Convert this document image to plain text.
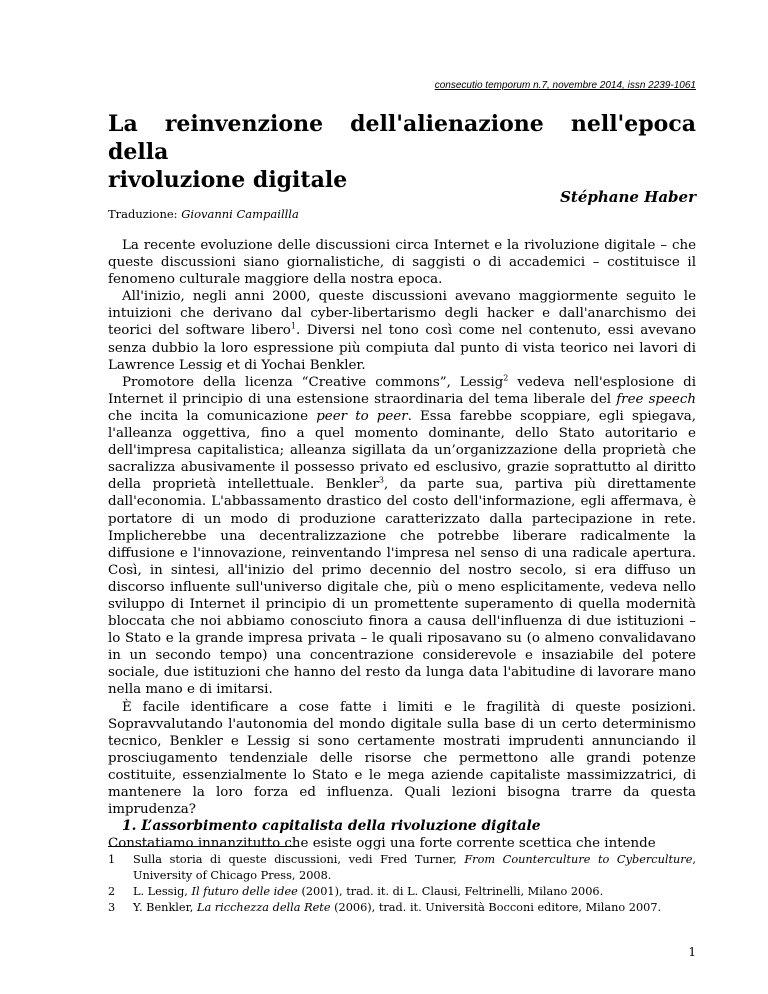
consecutio temporum n.7, novembre 2014, issn 2239-1061
La reinvenzione dell'alienazione nell'epoca della
rivoluzione digitale
Stéphane Haber
Traduzione: Giovanni Campaillla

La recente evoluzione delle discussioni circa Internet e la rivoluzione digitale – che queste discussioni siano giornalistiche, di saggisti o di accademici – costituisce il fenomeno culturale maggiore della nostra epoca.

All'inizio, negli anni 2000, queste discussioni avevano maggiormente seguito le intuizioni che derivano dal cyber-libertarismo degli hacker e dall'anarchismo dei teorici del software libero$^1$. Diversi nel tono così come nel contenuto, essi avevano senza dubbio la loro espressione più compiuta dal punto di vista teorico nei lavori di Lawrence Lessig et di Yochai Benkler.

Promotore della licenza “Creative commons”, Lessig$^2$ vedeva nell'esplosione di Internet il principio di una estensione straordinaria del tema liberale del free speech che incita la comunicazione peer to peer. Essa farebbe scoppiare, egli spiegava, l'alleanza oggettiva, fino a quel momento dominante, dello Stato autoritario e dell'impresa capitalistica; alleanza sigillata da un’organizzazione della proprietà che sacralizza abusivamente il possesso privato ed esclusivo, grazie soprattutto al diritto della proprietà intellettuale. Benkler$^3$, da parte sua, partiva più direttamente dall'economia. L'abbassamento drastico del costo dell'informazione, egli affermava, è portatore di un modo di produzione caratterizzato dalla partecipazione in rete. Implicherebbe una decentralizzazione che potrebbe liberare radicalmente la diffusione e l'innovazione, reinventando l'impresa nel senso di una radicale apertura. Così, in sintesi, all'inizio del primo decennio del nostro secolo, si era diffuso un discorso influente sull'universo digitale che, più o meno esplicitamente, vedeva nello sviluppo di Internet il principio di un promettente superamento di quella modernità bloccata che noi abbiamo conosciuto finora a causa dell'influenza di due istituzioni – lo Stato e la grande impresa privata – le quali riposavano su (o almeno convalidavano in un secondo tempo) una concentrazione considerevole e insaziabile del potere sociale, due istituzioni che hanno del resto da lunga data l'abitudine di lavorare mano nella mano e di imitarsi.

È facile identificare a cose fatte i limiti e le fragilità di queste posizioni. Sopravvalutando l'autonomia del mondo digitale sulla base di un certo determinismo tecnico, Benkler e Lessig si sono certamente mostrati imprudenti annunciando il prosciugamento tendenziale delle risorse che permettono alle grandi potenze costituite, essenzialmente lo Stato e le mega aziende capitaliste massimizzatrici, di mantenere la loro forza ed influenza. Quali lezioni bisogna trarre da questa imprudenza?

1. L’assorbimento capitalista della rivoluzione digitale

Constatiamo innanzitutto che esiste oggi una forte corrente scettica che intende

1	Sulla storia di queste discussioni, vedi Fred Turner, From Counterculture to Cyberculture, University of Chicago Press, 2008.
2	L. Lessig, Il futuro delle idee (2001), trad. it. di L. Clausi, Feltrinelli, Milano 2006.
3	Y. Benkler, La ricchezza della Rete (2006), trad. it. Università Bocconi editore, Milano 2007.
1
